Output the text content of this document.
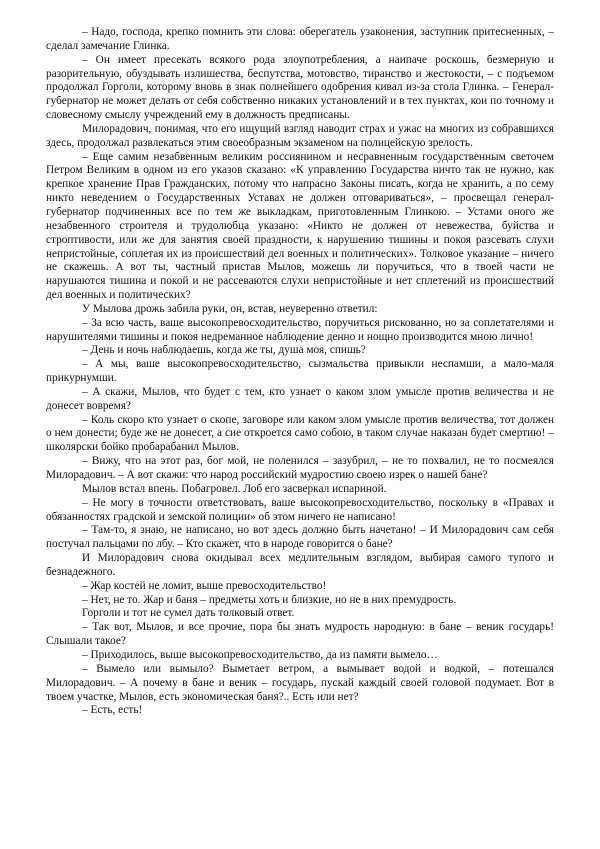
– Надо, господа, крепко помнить эти слова: оберегатель узаконения, заступник притесненных, – сделал замечание Глинка.

– Он имеет пресекать всякого рода злоупотребления, а наипаче роскошь, безмерную и разорительную, обуздывать излишества, беспутства, мотовство, тиранство и жестокости, – с подъемом продолжал Горголи, которому вновь в знак полнейшего одобрения кивал из-за стола Глинка. – Генерал-губернатор не может делать от себя собственно никаких установлений и в тех пунктах, кои по точному и словесному смыслу учреждений ему в должность предписаны.

Милорадович, понимая, что его ищущий взгляд наводит страх и ужас на многих из собравшихся здесь, продолжал развлекаться этим своеобразным экзаменом на полицейскую зрелость.

– Еще самим незабвенным великим россиянином и несравненным государственным светочем Петром Великим в одном из его указов сказано: «К управлению Государства ничто так не нужно, как крепкое хранение Прав Гражданских, потому что напрасно Законы писать, когда не хранить, а по сему никто неведением о Государственных Уставах не должен отговариваться», – просвещал генерал-губернатор подчиненных все по тем же выкладкам, приготовленным Глинкою. – Устами оного же незабвенного строителя и трудолюбца указано: «Никто не должен от невежества, буйства и строптивости, или же для занятия своей праздности, к нарушению тишины и покоя разсевать слухи непристойные, соплетая их из происшествий дел военных и политических». Толковое указание – ничего не скажешь. А вот ты, частный пристав Мылов, можешь ли поручиться, что в твоей части не нарушаются тишина и покой и не рассеваются слухи непристойные и нет сплетений из происшествий дел военных и политических?

У Мылова дрожь забила руки, он, встав, неуверенно ответил:

– За всю часть, ваше высокопревосходительство, поручиться рискованно, но за соплетателями и нарушителями тишины и покоя недреманное наблюдение денно и нощно производится мною лично!

– День и ночь наблюдаешь, когда же ты, душа моя, спишь?

– А мы, ваше высокопревосходительство, сызмальства привыкли неспамши, а мало-маля прикурнумши.

– А скажи, Мылов, что будет с тем, кто узнает о каком злом умысле против величества и не донесет вовремя?

– Коль скоро кто узнает о скопе, заговоре или каком злом умысле против величества, тот должен о нем донести; буде же не донесет, а сие откроется само собою, в таком случае наказан будет смертию! – школярски бойко пробарабанил Мылов.

– Вижу, что на этот раз, бог мой, не поленился – зазубрил, – не то похвалил, не то посмеялся Милорадович. – А вот скажи: что народ российский мудростию своею изрек о нашей бане?

Мылов встал впень. Побагровел. Лоб его засверкал испариной.

– Не могу в точности ответствовать, ваше высокопревосходительство, поскольку в «Правах и обязанностях градской и земской полиции» об этом ничего не написано!

– Там-то, я знаю, не написано, но вот здесь должно быть начетано! – И Милорадович сам себя постучал пальцами по лбу. – Кто скажет, что в народе говорится о бане?

И Милорадович снова окидывал всех медлительным взглядом, выбирая самого тупого и безнадежного.

– Жар костей не ломит, выше превосходительство!

– Нет, не то. Жар и баня – предметы хоть и близкие, но не в них премудрость.

Горголи и тот не сумел дать толковый ответ.

– Так вот, Мылов, и все прочие, пора бы знать мудрость народную: в бане – веник государь! Слышали такое?

– Приходилось, выше высокопревосходительство, да из памяти вымело…

– Вымело или вымыло? Выметает ветром, а вымывает водой и водкой, – потешался Милорадович. – А почему в бане и веник – государь, пускай каждый своей головой подумает. Вот в твоем участке, Мылов, есть экономическая баня?.. Есть или нет?

– Есть, есть!
